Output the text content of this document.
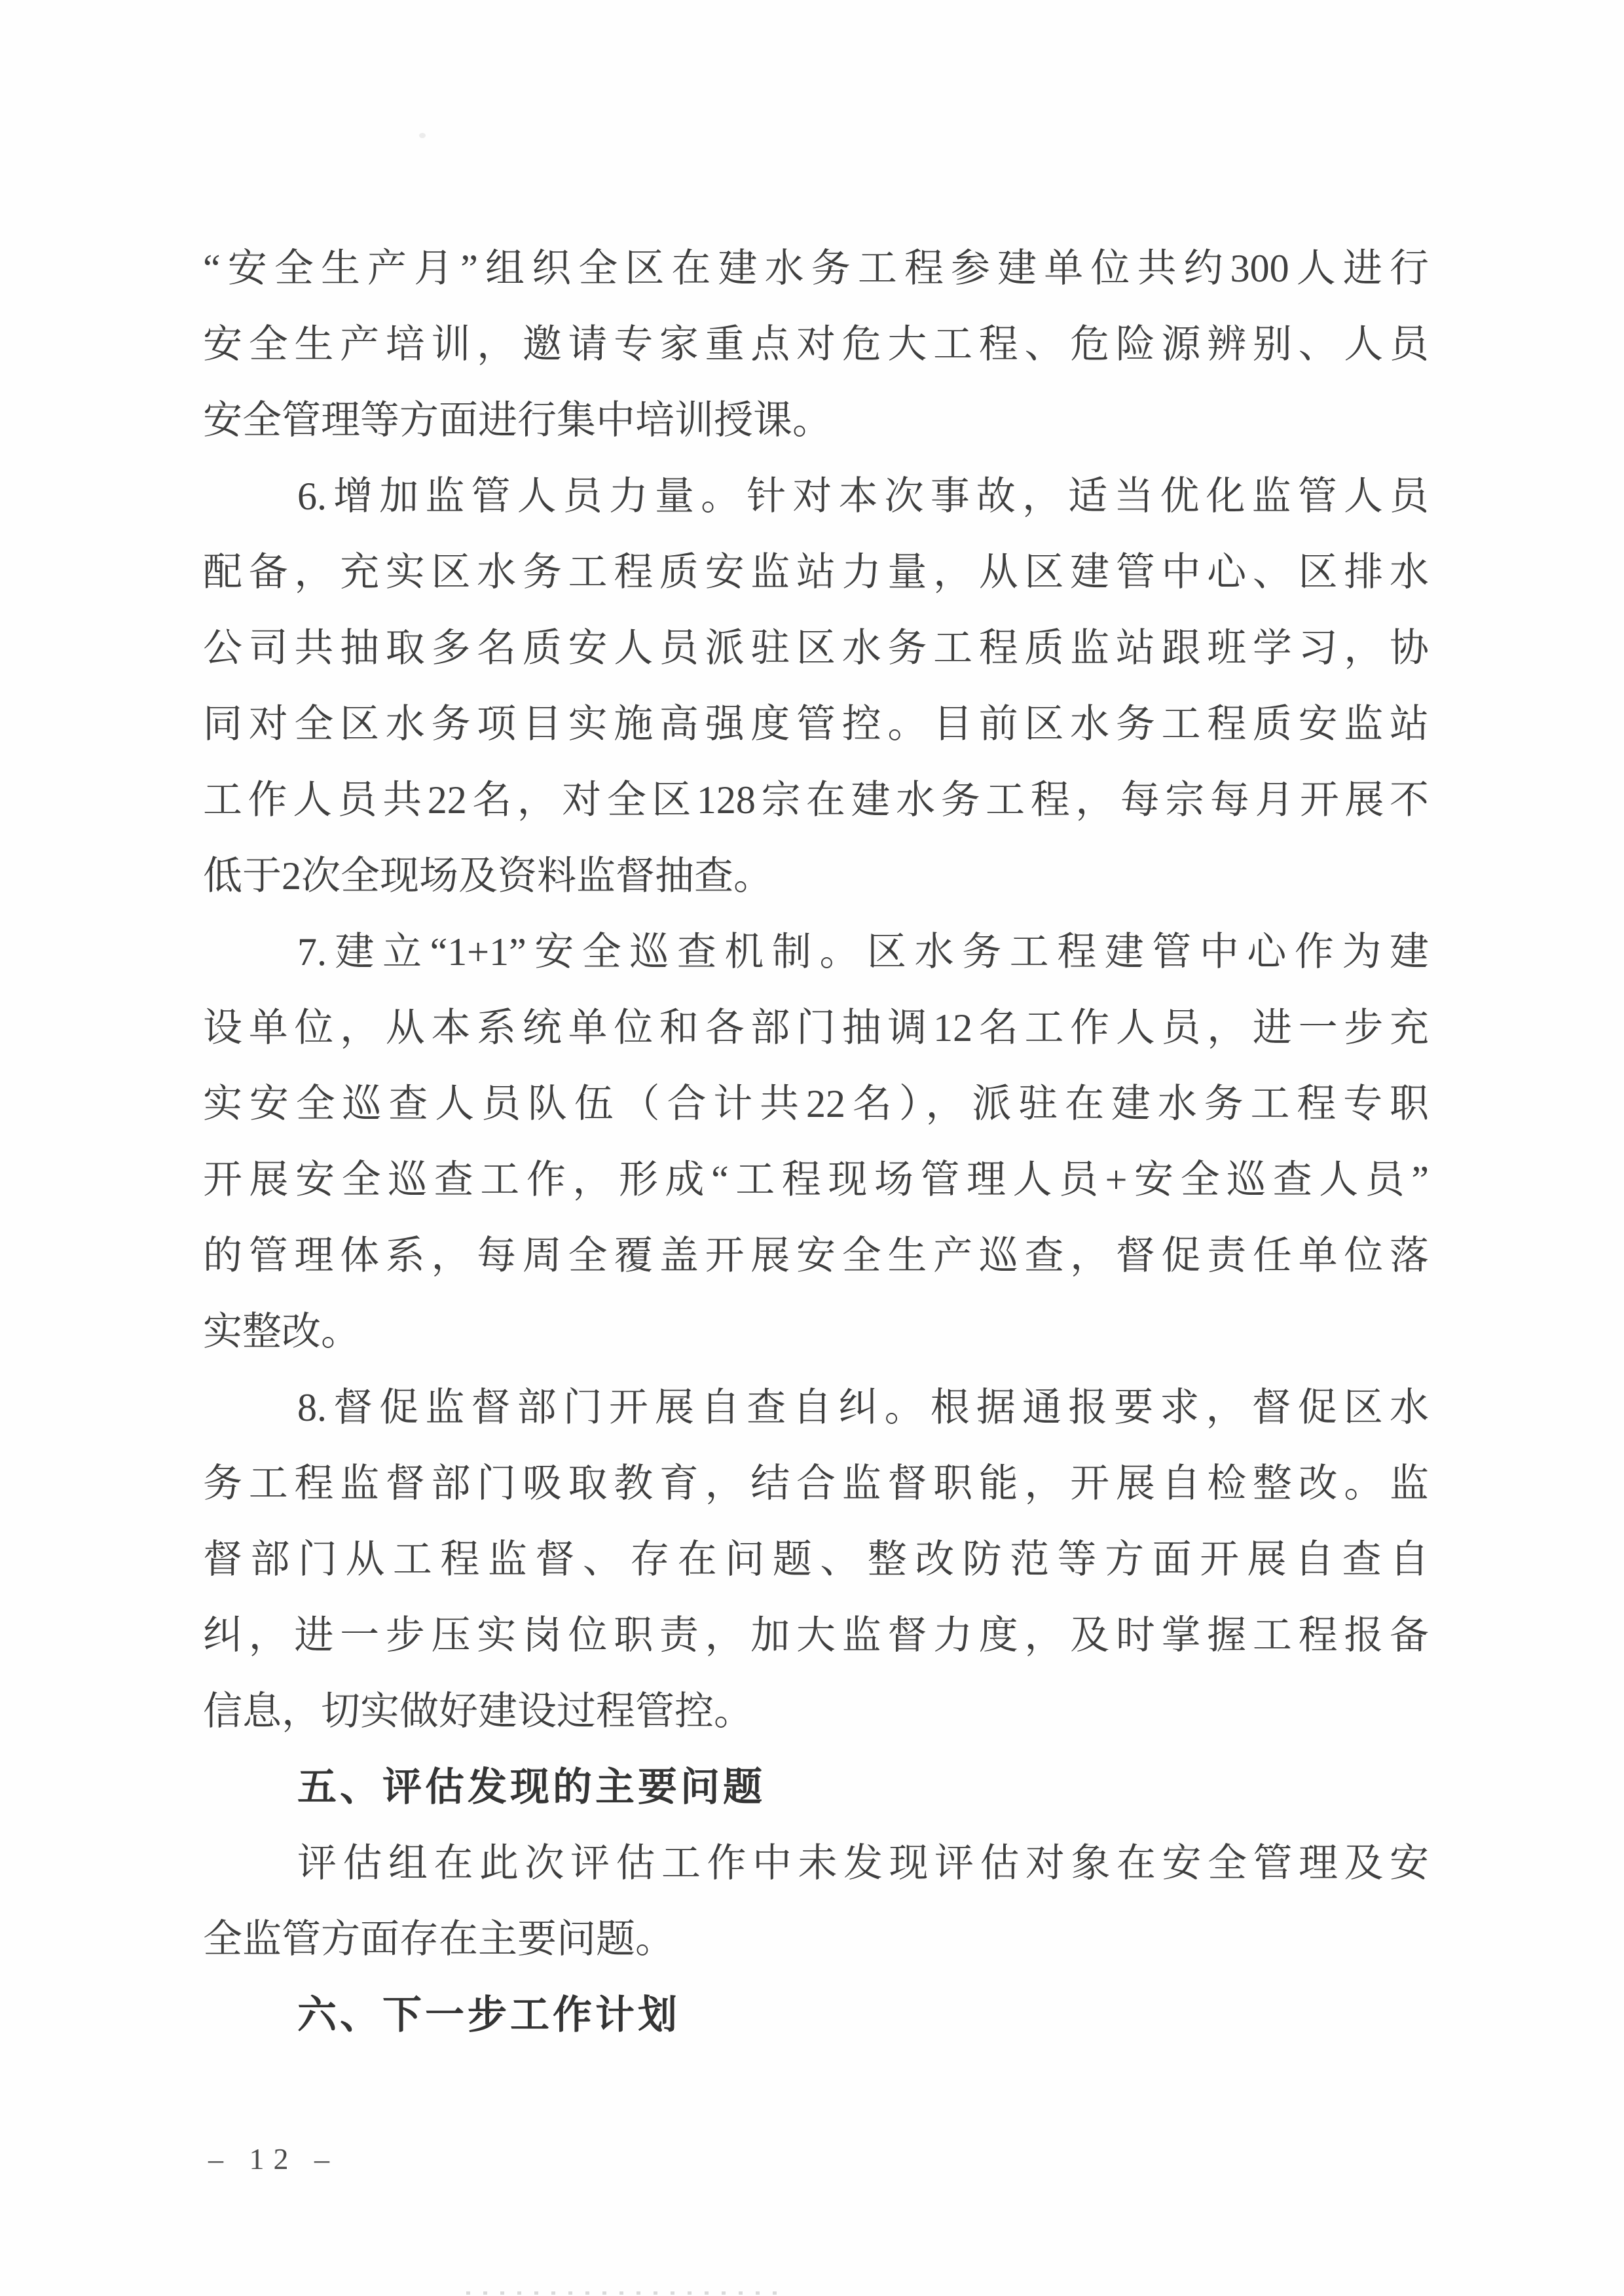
“安全生产月”组织全区在建水务工程参建单位共约300人进行
安全生产培训，邀请专家重点对危大工程、危险源辨别、人员
安全管理等方面进行集中培训授课。
6.增加监管人员力量。针对本次事故，适当优化监管人员
配备，充实区水务工程质安监站力量，从区建管中心、区排水
公司共抽取多名质安人员派驻区水务工程质监站跟班学习，协
同对全区水务项目实施高强度管控。目前区水务工程质安监站
工作人员共22名，对全区128宗在建水务工程，每宗每月开展不
低于2次全现场及资料监督抽查。
7.建立“1+1”安全巡查机制。区水务工程建管中心作为建
设单位，从本系统单位和各部门抽调12名工作人员，进一步充
实安全巡查人员队伍（合计共22名），派驻在建水务工程专职
开展安全巡查工作，形成“工程现场管理人员+安全巡查人员”
的管理体系，每周全覆盖开展安全生产巡查，督促责任单位落
实整改。
8.督促监督部门开展自查自纠。根据通报要求，督促区水
务工程监督部门吸取教育，结合监督职能，开展自检整改。监
督部门从工程监督、存在问题、整改防范等方面开展自查自
纠，进一步压实岗位职责，加大监督力度，及时掌握工程报备
信息，切实做好建设过程管控。
五、评估发现的主要问题
评估组在此次评估工作中未发现评估对象在安全管理及安
全监管方面存在主要问题。
六、下一步工作计划
– 12 –
